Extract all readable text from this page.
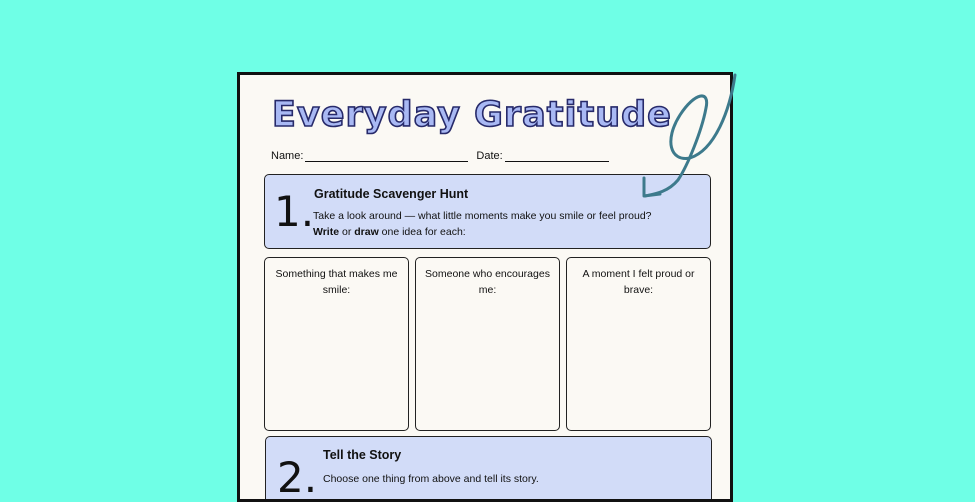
Everyday Gratitude
Name:	Date:
1. Gratitude Scavenger Hunt
Take a look around — what little moments make you smile or feel proud?
Write or draw one idea for each:
Something that makes me smile:
Someone who encourages me:
A moment I felt proud or brave:
2. Tell the Story
Choose one thing from above and tell its story.
